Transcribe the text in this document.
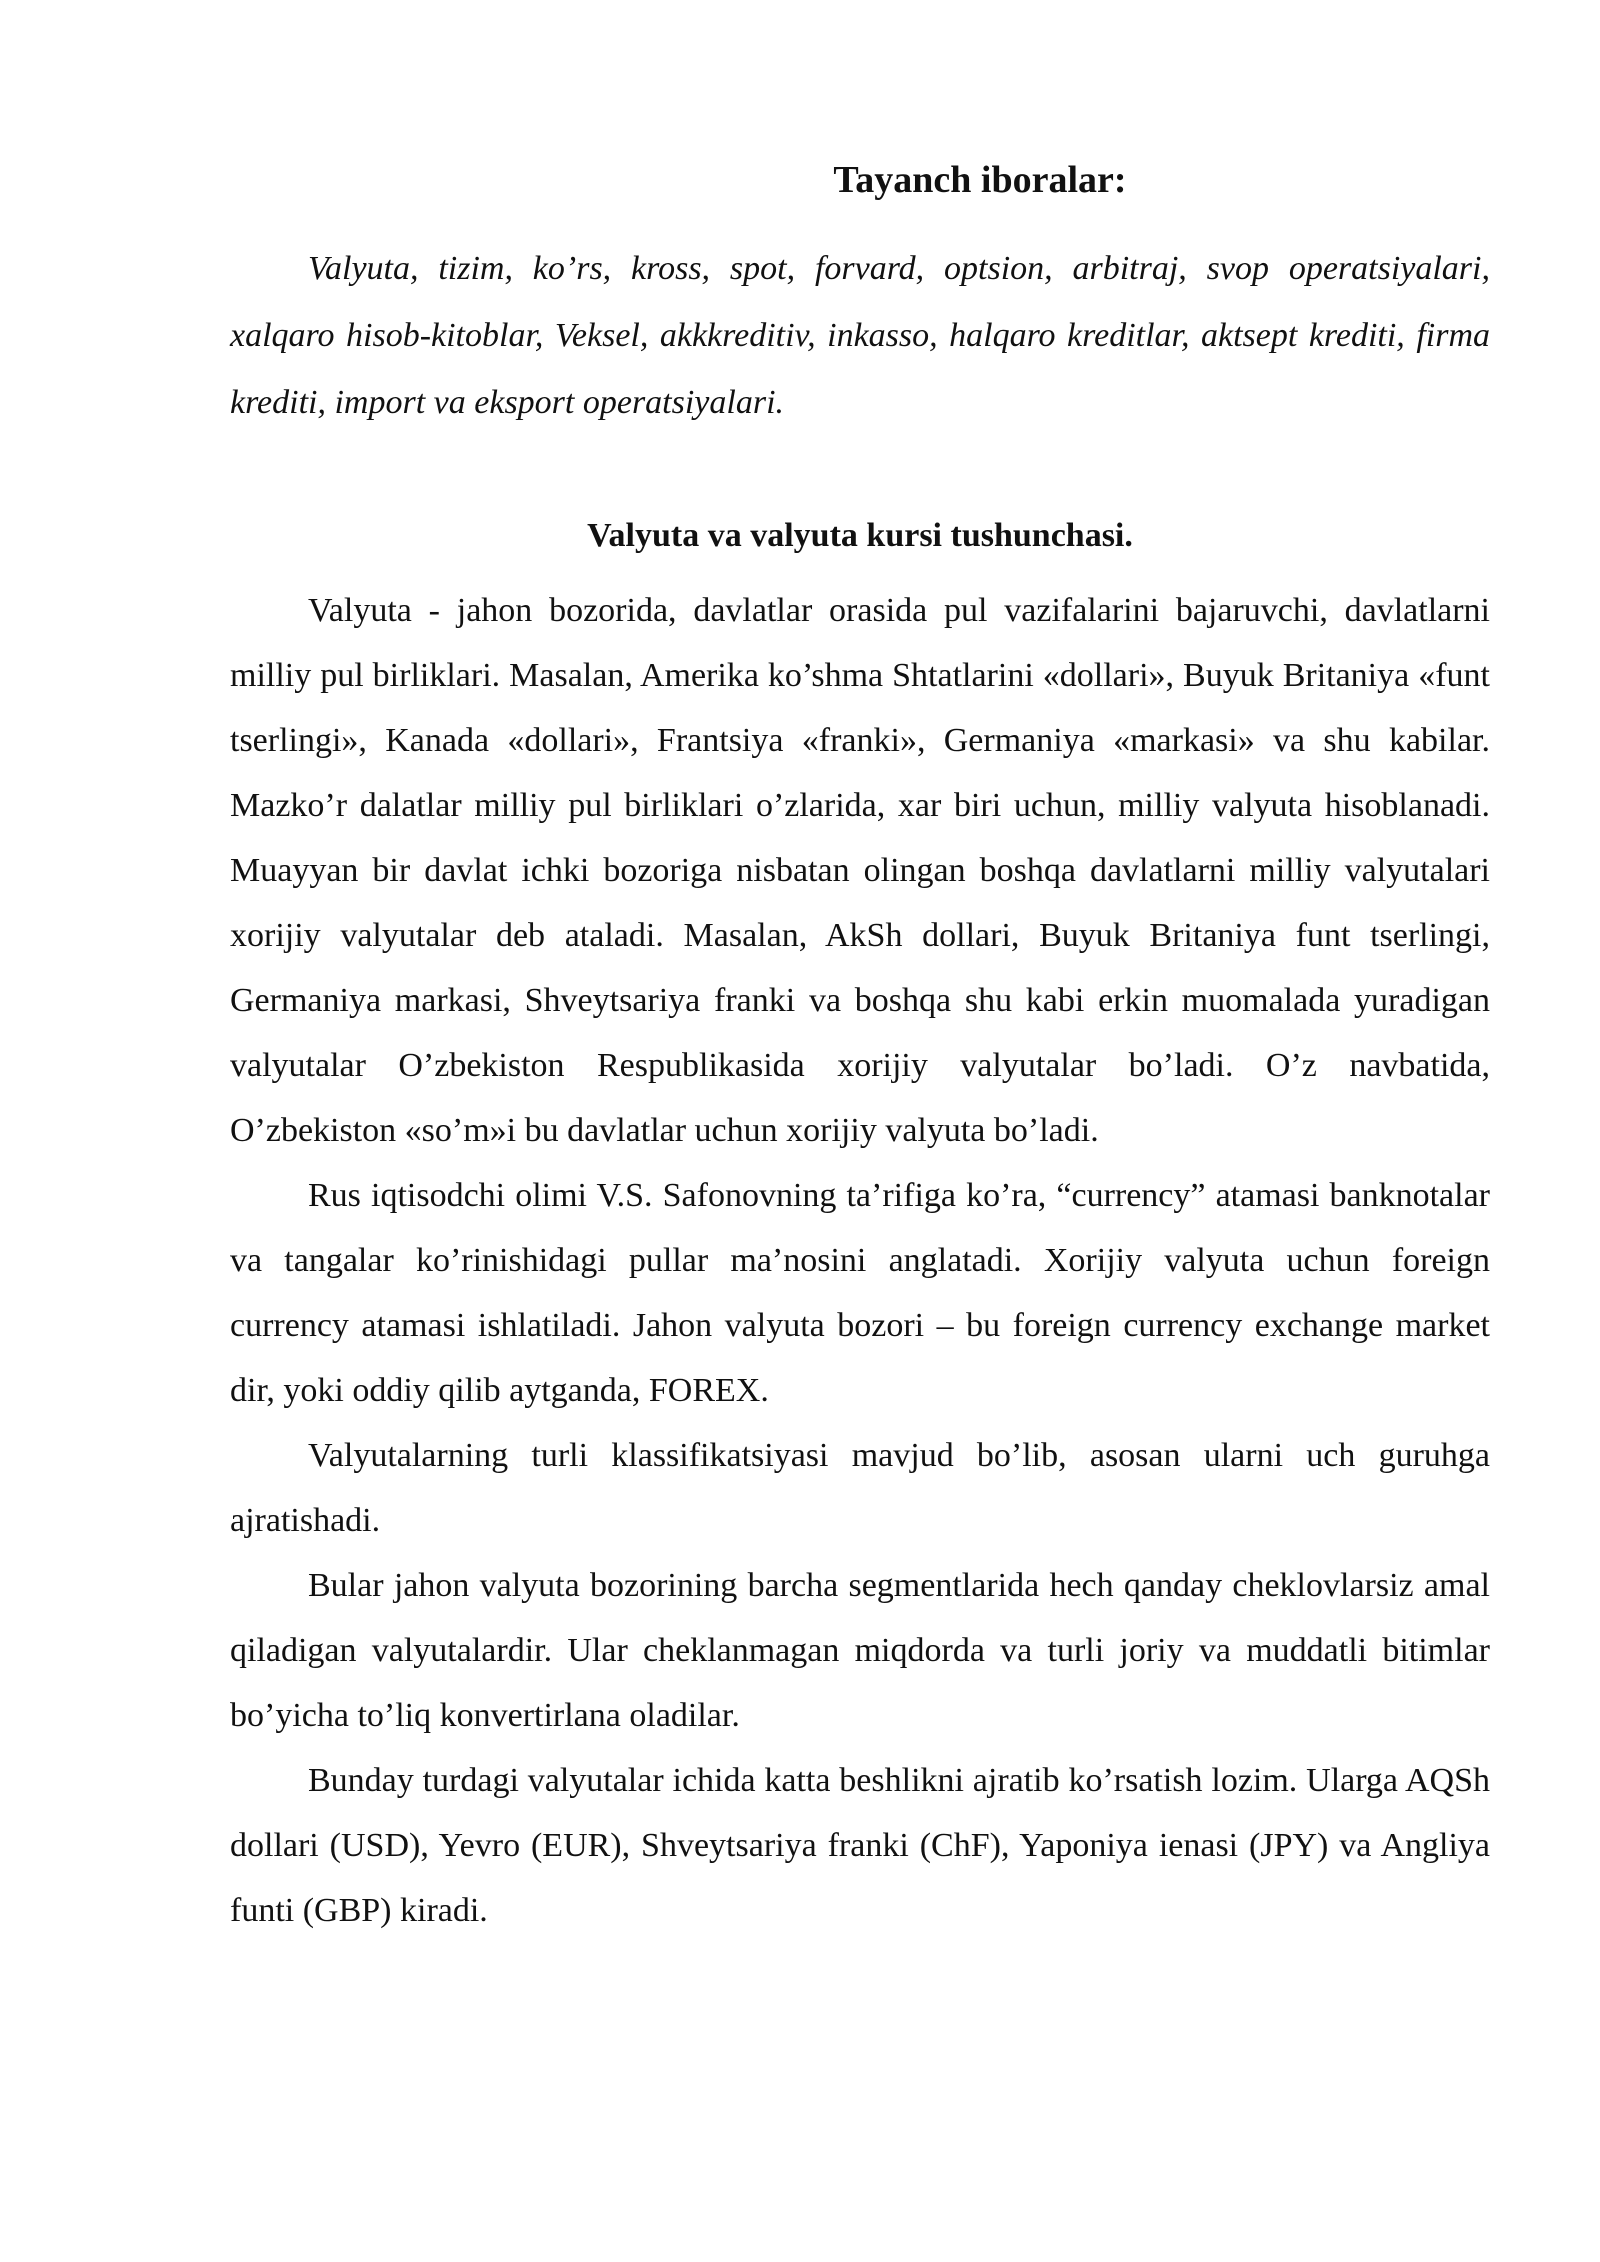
Tayanch iboralar:

Valyuta, tizim, ko’rs, kross, spot, forvard, optsion, arbitraj, svop operatsiyalari, xalqaro hisob-kitoblar, Veksel, akkkreditiv, inkasso, halqaro kreditlar, aktsept krediti, firma krediti, import va eksport operatsiyalari.

Valyuta va valyuta kursi tushunchasi.

Valyuta - jahon bozorida, davlatlar orasida pul vazifalarini bajaruvchi, davlatlarni milliy pul birliklari. Masalan, Amerika ko’shma Shtatlarini «dollari», Buyuk Britaniya «funt tserlingi», Kanada «dollari», Frantsiya «franki», Germaniya «markasi» va shu kabilar. Mazko’r dalatlar milliy pul birliklari o’zlarida, xar biri uchun, milliy valyuta hisoblanadi. Muayyan bir davlat ichki bozoriga nisbatan olingan boshqa davlatlarni milliy valyutalari xorijiy valyutalar deb ataladi. Masalan, AkSh dollari, Buyuk Britaniya funt tserlingi, Germaniya markasi, Shveytsariya franki va boshqa shu kabi erkin muomalada yuradigan valyutalar O’zbekiston Respublikasida xorijiy valyutalar bo’ladi. O’z navbatida, O’zbekiston «so’m»i bu davlatlar uchun xorijiy valyuta bo’ladi.

Rus iqtisodchi olimi V.S. Safonovning ta’rifiga ko’ra, “currency” atamasi banknotalar va tangalar ko’rinishidagi pullar ma’nosini anglatadi. Xorijiy valyuta uchun foreign currency atamasi ishlatiladi. Jahon valyuta bozori – bu foreign currency exchange market dir, yoki oddiy qilib aytganda, FOREX.

Valyutalarning turli klassifikatsiyasi mavjud bo’lib, asosan ularni uch guruhga ajratishadi.

Bular jahon valyuta bozorining barcha segmentlarida hech qanday cheklovlarsiz amal qiladigan valyutalardir. Ular cheklanmagan miqdorda va turli joriy va muddatli bitimlar bo’yicha to’liq konvertirlana oladilar.

Bunday turdagi valyutalar ichida katta beshlikni ajratib ko’rsatish lozim. Ularga AQSh dollari (USD), Yevro (EUR), Shveytsariya franki (ChF), Yaponiya ienasi (JPY) va Angliya funti (GBP) kiradi.
